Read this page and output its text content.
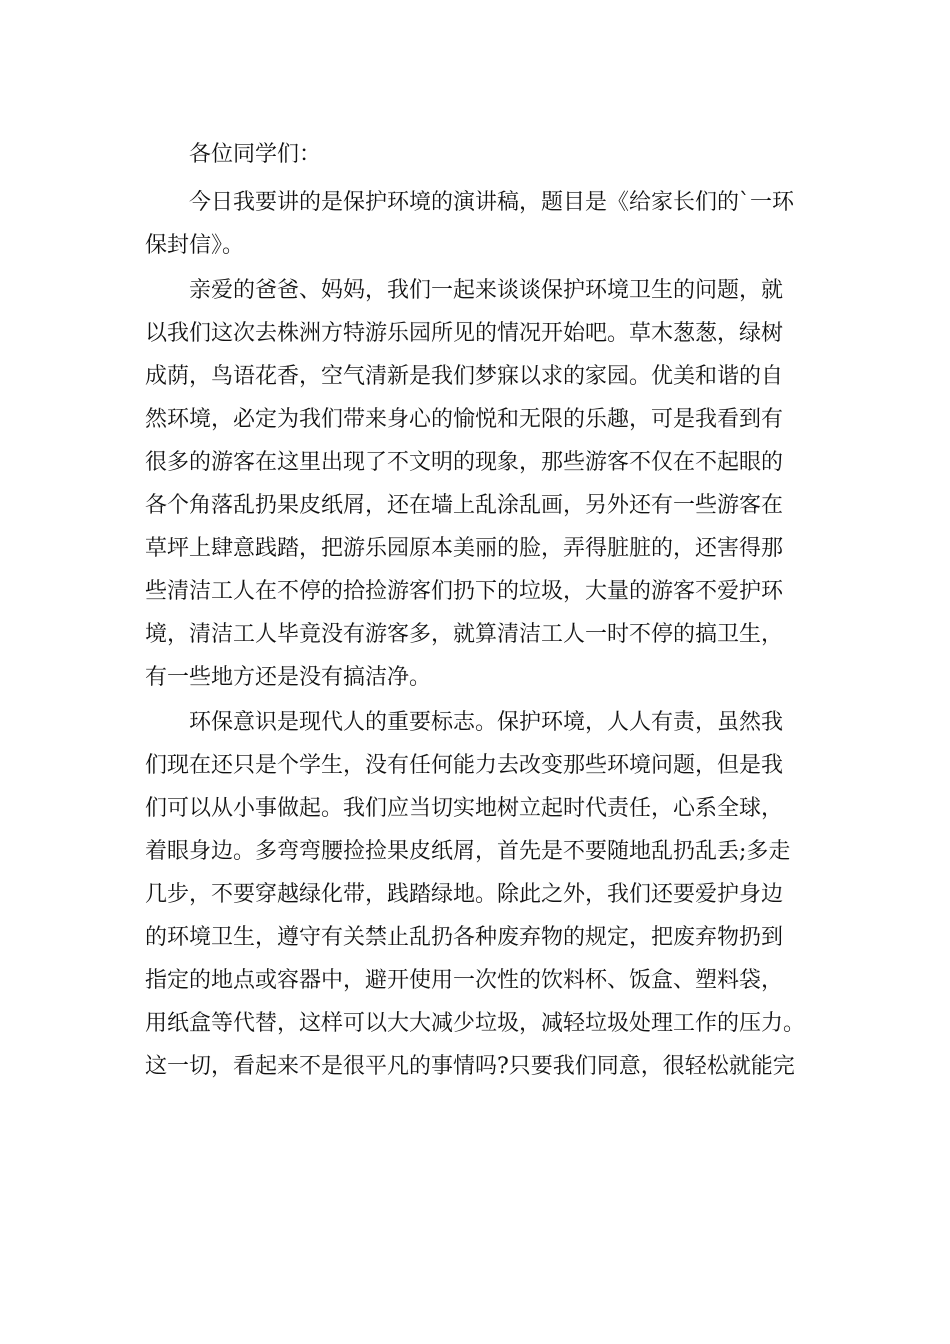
各位同学们：
今日我要讲的是保护环境的演讲稿，题目是《给家长们的`一环
保封信》。
亲爱的爸爸、妈妈，我们一起来谈谈保护环境卫生的问题，就
以我们这次去株洲方特游乐园所见的情况开始吧。草木葱葱，绿树
成荫，鸟语花香，空气清新是我们梦寐以求的家园。优美和谐的自
然环境，必定为我们带来身心的愉悦和无限的乐趣，可是我看到有
很多的游客在这里出现了不文明的现象，那些游客不仅在不起眼的
各个角落乱扔果皮纸屑，还在墙上乱涂乱画，另外还有一些游客在
草坪上肆意践踏，把游乐园原本美丽的脸，弄得脏脏的，还害得那
些清洁工人在不停的拾捡游客们扔下的垃圾，大量的游客不爱护环
境，清洁工人毕竟没有游客多，就算清洁工人一时不停的搞卫生，
有一些地方还是没有搞洁净。
环保意识是现代人的重要标志。保护环境，人人有责，虽然我
们现在还只是个学生，没有任何能力去改变那些环境问题，但是我
们可以从小事做起。我们应当切实地树立起时代责任，心系全球，
着眼身边。多弯弯腰捡捡果皮纸屑，首先是不要随地乱扔乱丢;多走
几步，不要穿越绿化带，践踏绿地。除此之外，我们还要爱护身边
的环境卫生，遵守有关禁止乱扔各种废弃物的规定，把废弃物扔到
指定的地点或容器中，避开使用一次性的饮料杯、饭盒、塑料袋，
用纸盒等代替，这样可以大大减少垃圾，减轻垃圾处理工作的压力。
这一切，看起来不是很平凡的事情吗?只要我们同意，很轻松就能完
